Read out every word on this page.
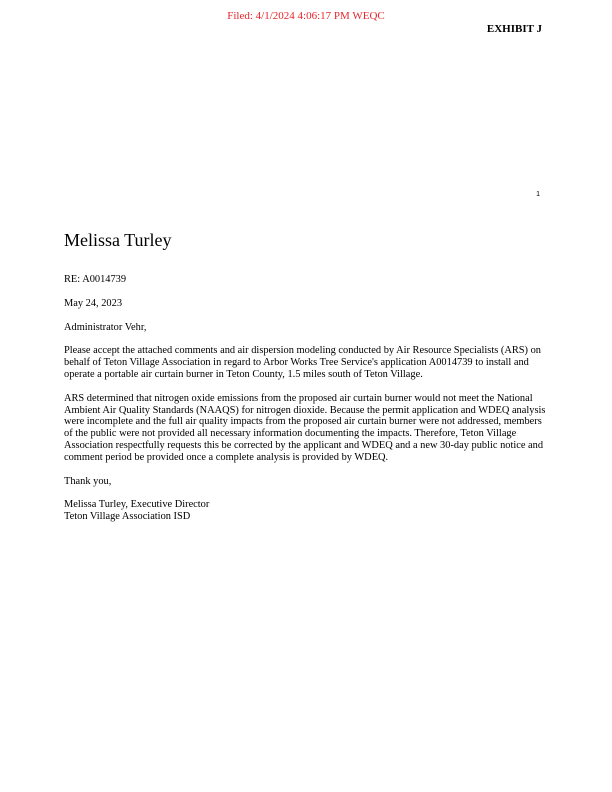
Filed: 4/1/2024 4:06:17 PM WEQC
EXHIBIT J
1

Melissa Turley

RE: A0014739

May 24, 2023

Administrator Vehr,

Please accept the attached comments and air dispersion modeling conducted by Air Resource Specialists (ARS) on behalf of Teton Village Association in regard to Arbor Works Tree Service's application A0014739 to install and operate a portable air curtain burner in Teton County, 1.5 miles south of Teton Village.

ARS determined that nitrogen oxide emissions from the proposed air curtain burner would not meet the National Ambient Air Quality Standards (NAAQS) for nitrogen dioxide. Because the permit application and WDEQ analysis were incomplete and the full air quality impacts from the proposed air curtain burner were not addressed, members of the public were not provided all necessary information documenting the impacts. Therefore, Teton Village Association respectfully requests this be corrected by the applicant and WDEQ and a new 30-day public notice and comment period be provided once a complete analysis is provided by WDEQ.

Thank you,

Melissa Turley, Executive Director
Teton Village Association ISD
